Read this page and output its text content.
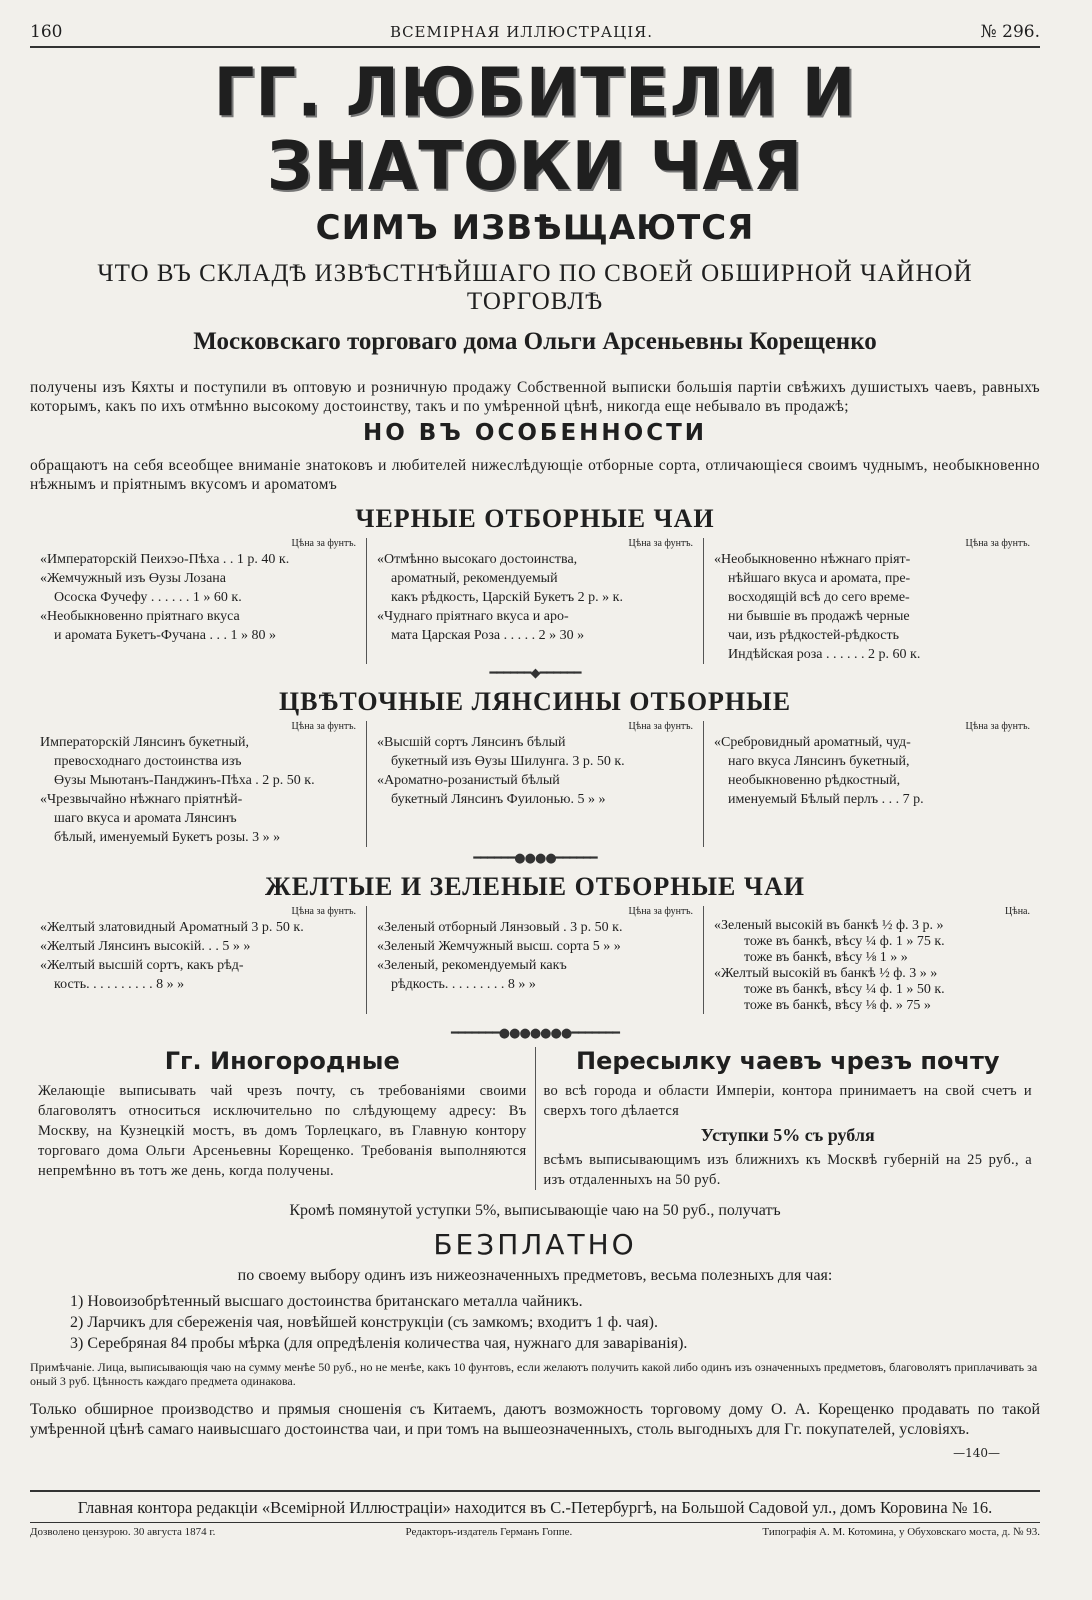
160	ВСЕМІРНАЯ ИЛЛЮСТРАЦІЯ.	№ 296.
ГГ. ЛЮБИТЕЛИ И ЗНАТОКИ ЧАЯ
СИМЪ ИЗВѢЩАЮТСЯ
ЧТО ВЪ СКЛАДѢ ИЗВѢСТНѢЙШАГО ПО СВОЕЙ ОБШИРНОЙ ЧАЙНОЙ ТОРГОВЛѢ
Московскаго торговаго дома Ольги Арсеньевны Корещенко
получены изъ Кяхты и поступили въ оптовую и розничную продажу Собственной выписки большія партіи свѣжихъ душистыхъ чаевъ, равныхъ которымъ, какъ по ихъ отмѣнно высокому достоинству, такъ и по умѣренной цѣнѣ, никогда еще небывало въ продажѣ;
НО ВЪ ОСОБЕННОСТИ
обращаютъ на себя всеобщее вниманіе знатоковъ и любителей нижеслѣдующіе отборные сорта, отличающіеся своимъ чуднымъ, необыкновенно нѣжнымъ и пріятнымъ вкусомъ и ароматомъ
ЧЕРНЫЕ ОТБОРНЫЕ ЧАИ
Цѣна за фунтъ.

«Императорскій Пеихэо-Пѣха . . 1 р. 40 к.

«Жемчужный изъ Өузы Лозана

Ососка Фучефу . . . . . . 1 » 60 к.

«Необыкновенно пріятнаго вкуса

и аромата Букетъ-Фучана . . . 1 » 80 »

Цѣна за фунтъ.

«Отмѣнно высокаго достоинства,

ароматный, рекомендуемый

какъ рѣдкость, Царскій Букетъ 2 р. » к.

«Чуднаго пріятнаго вкуса и аро-

мата Царская Роза . . . . . 2 » 30 »

Цѣна за фунтъ.

«Необыкновенно нѣжнаго пріят-

нѣйшаго вкуса и аромата, пре-

восходящій всѣ до сего време-

ни бывшіе въ продажѣ черные

чаи, изъ рѣдкостей-рѣдкость

Индѣйская роза . . . . . . 2 р. 60 к.

━━━━━━◆━━━━━━
ЦВѢТОЧНЫЕ ЛЯНСИНЫ ОТБОРНЫЕ
Цѣна за фунтъ.

Императорскій Лянсинъ букетный,

превосходнаго достоинства изъ

Өузы Мыютанъ-Панджинъ-Пѣха . 2 р. 50 к.

«Чрезвычайно нѣжнаго пріятнѣй-

шаго вкуса и аромата Лянсинъ

бѣлый, именуемый Букетъ розы. 3 » »

Цѣна за фунтъ.

«Высшій сортъ Лянсинъ бѣлый

букетный изъ Өузы Шилунга. 3 р. 50 к.

«Ароматно-розанистый бѣлый

букетный Лянсинъ Фуилонью. 5 » »

Цѣна за фунтъ.

«Сребровидный ароматный, чуд-

наго вкуса Лянсинъ букетный,

необыкновенно рѣдкостный,

именуемый Бѣлый перлъ . . . 7 р.

━━━━━━●●●●━━━━━━
ЖЕЛТЫЕ И ЗЕЛЕНЫЕ ОТБОРНЫЕ ЧАИ
Цѣна за фунтъ.

«Желтый златовидный Ароматный 3 р. 50 к.

«Желтый Лянсинъ высокій. . . 5 » »

«Желтый высшій сортъ, какъ рѣд-

кость. . . . . . . . . . 8 » »

Цѣна за фунтъ.

«Зеленый отборный Лянзовый . 3 р. 50 к.

«Зеленый Жемчужный высш. сорта 5 » »

«Зеленый, рекомендуемый какъ

рѣдкость. . . . . . . . . 8 » »

Цѣна.

«Зеленый высокій въ банкѣ ½ ф. 3 р. »

тоже въ банкѣ, вѣсу ¼ ф. 1 » 75 к.

тоже въ банкѣ, вѣсу ⅛ 1 » »

«Желтый высокій въ банкѣ ½ ф. 3 » »

тоже въ банкѣ, вѣсу ¼ ф. 1 » 50 к.

тоже въ банкѣ, вѣсу ⅛ ф. » 75 »

━━━━━━━●●●●●●●━━━━━━━
Гг. Иногородные
Желающіе выписывать чай чрезъ почту, съ требованіями своими благоволятъ относиться исключительно по слѣдующему адресу: Въ Москву, на Кузнецкій мостъ, въ домъ Торлецкаго, въ Главную контору торговаго дома Ольги Арсеньевны Корещенко. Требованія выполняются непремѣнно въ тотъ же день, когда получены.
Пересылку чаевъ чрезъ почту
во всѣ города и области Имперіи, контора принимаетъ на свой счетъ и сверхъ того дѣлается
Уступки 5% съ рубля
всѣмъ выписывающимъ изъ ближнихъ къ Москвѣ губерній на 25 руб., а изъ отдаленныхъ на 50 руб.
Кромѣ помянутой уступки 5%, выписывающіе чаю на 50 руб., получатъ
БЕЗПЛАТНО
по своему выбору одинъ изъ нижеозначенныхъ предметовъ, весьма полезныхъ для чая:
1) Новоизобрѣтенный высшаго достоинства британскаго металла чайникъ.
2) Ларчикъ для сбереженія чая, новѣйшей конструкціи (съ замкомъ; входитъ 1 ф. чая).
3) Серебряная 84 пробы мѣрка (для опредѣленія количества чая, нужнаго для заваріванія).
Примѣчаніе. Лица, выписывающія чаю на сумму менѣе 50 руб., но не менѣе, какъ 10 фунтовъ, если желаютъ получить какой либо одинъ изъ означенныхъ предметовъ, благоволятъ приплачивать за оный 3 руб. Цѣнность каждаго предмета одинакова.
Только обширное производство и прямыя сношенія съ Китаемъ, даютъ возможность торговому дому О. А. Корещенко продавать по такой умѣренной цѣнѣ самаго наивысшаго достоинства чаи, и при томъ на вышеозначенныхъ, столь выгодныхъ для Гг. покупателей, условіяхъ.
—140—
Главная контора редакціи «Всемірной Иллюстраціи» находится въ С.-Петербургѣ, на Большой Садовой ул., домъ Коровина № 16.
Дозволено цензурою. 30 августа 1874 г.	Редакторъ-издатель Германъ Гоппе.	Типографія А. М. Котомина, у Обуховскаго моста, д. № 93.
